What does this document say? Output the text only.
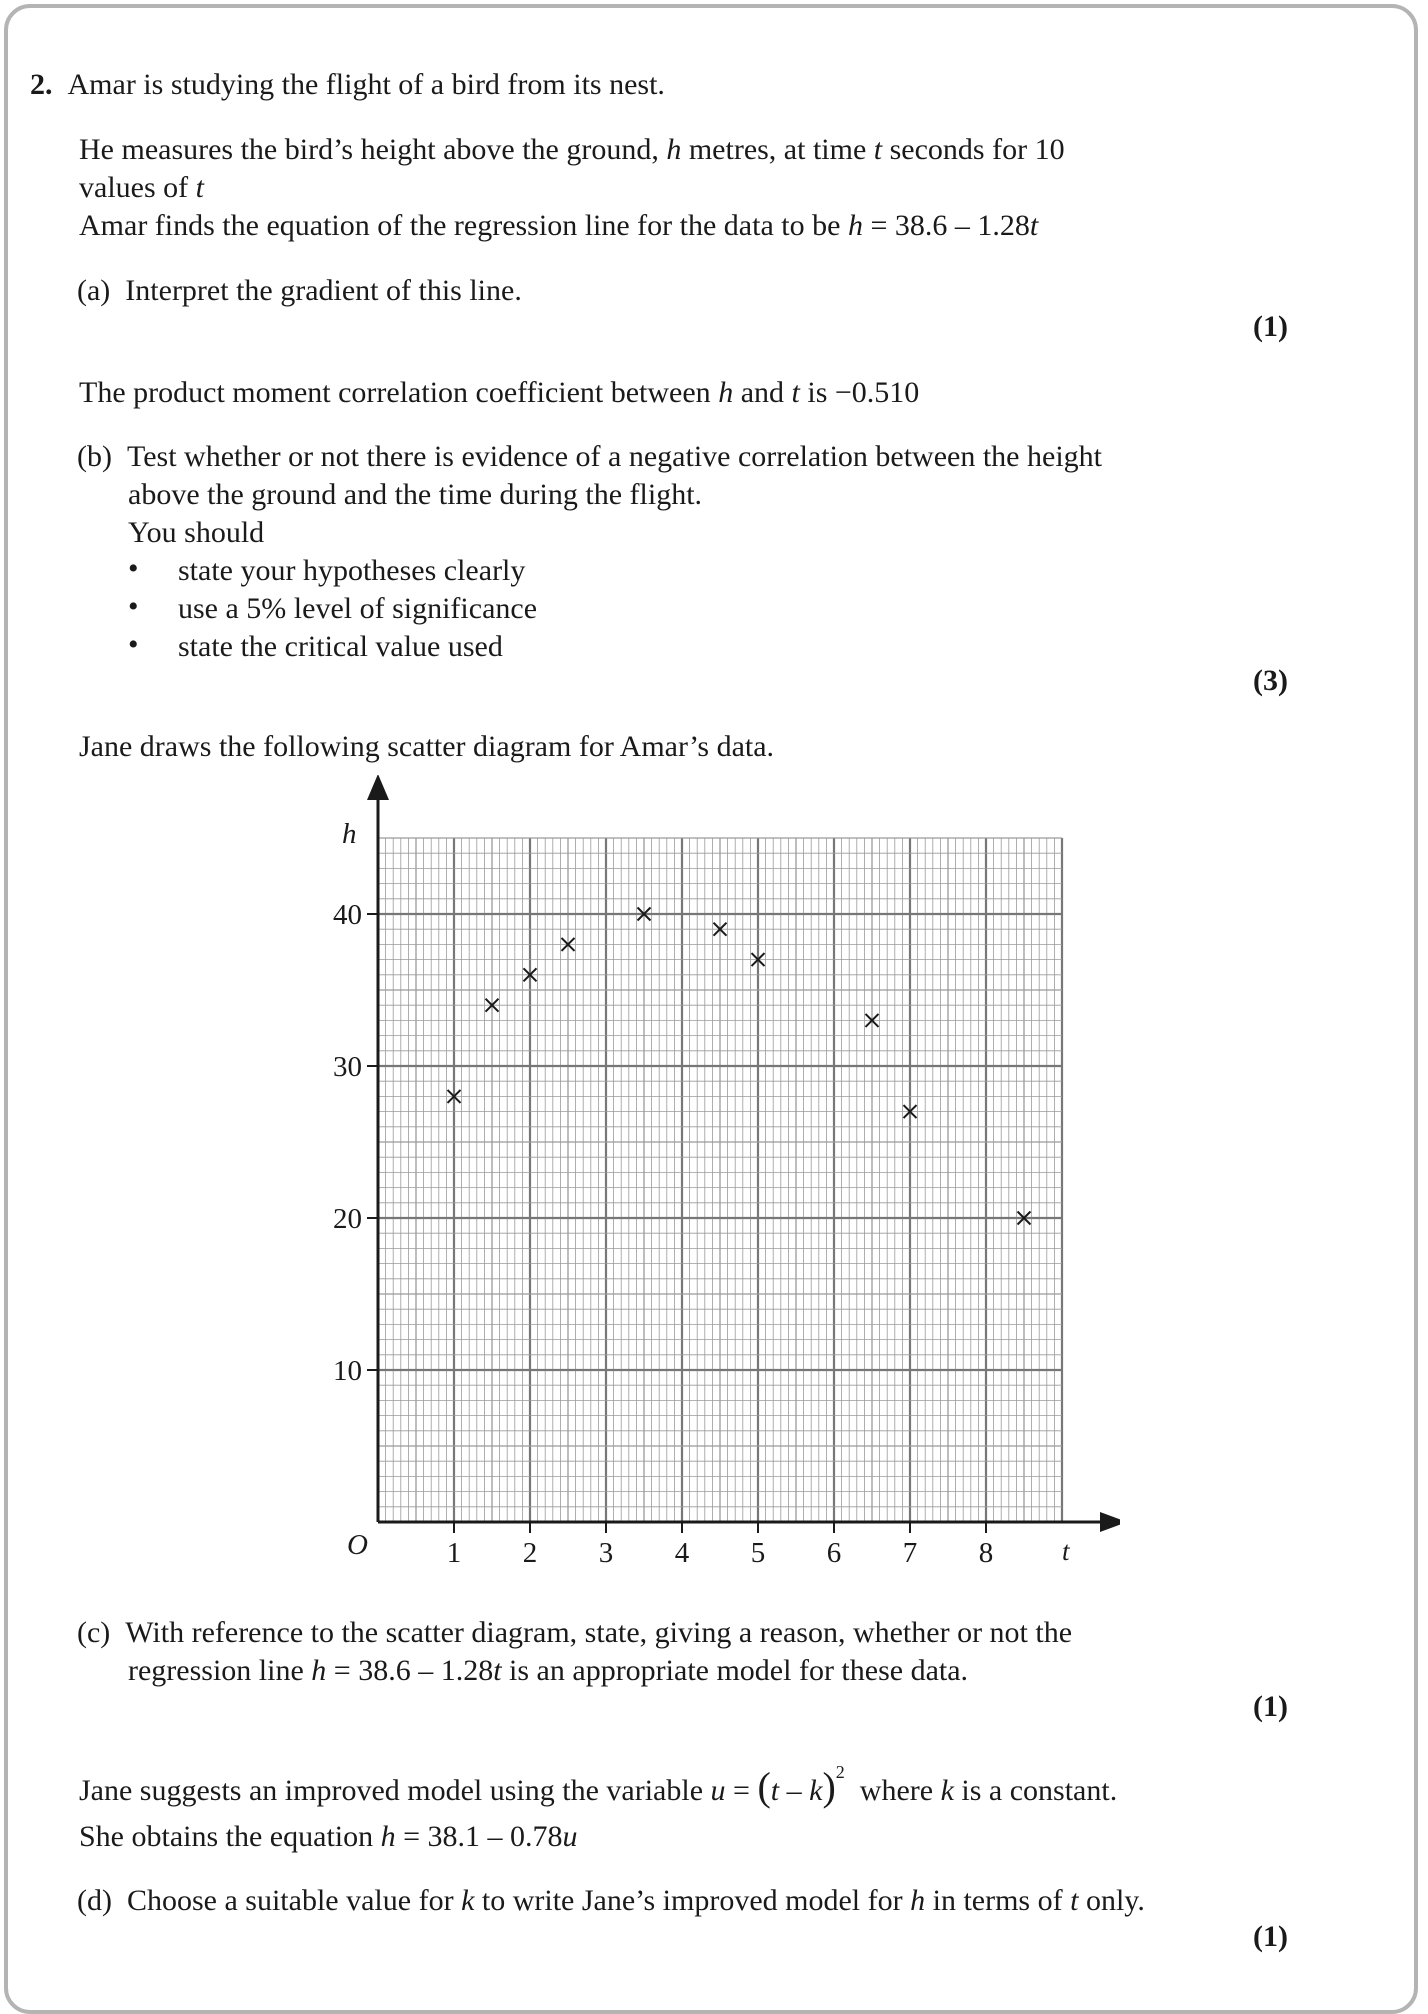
2. Amar is studying the flight of a bird from its nest.
He measures the bird’s height above the ground, h metres, at time t seconds for 10
values of t
Amar finds the equation of the regression line for the data to be h = 38.6 – 1.28t
(a) Interpret the gradient of this line.
(1)
The product moment correlation coefficient between h and t is −0.510
(b) Test whether or not there is evidence of a negative correlation between the height
above the ground and the time during the flight.
You should
• state your hypotheses clearly
• use a 5% level of significance
• state the critical value used
(3)
Jane draws the following scatter diagram for Amar’s data.
t
h
O	1 2 3 4 5 6 7 8
10
20
30
40
(c) With reference to the scatter diagram, state, giving a reason, whether or not the
regression line h = 38.6 – 1.28t is an appropriate model for these data.
(1)
Jane suggests an improved model using the variable u = (t – k)$^2$  where k is a constant.
She obtains the equation h = 38.1 – 0.78u
(d) Choose a suitable value for k to write Jane’s improved model for h in terms of t only.
(1)
